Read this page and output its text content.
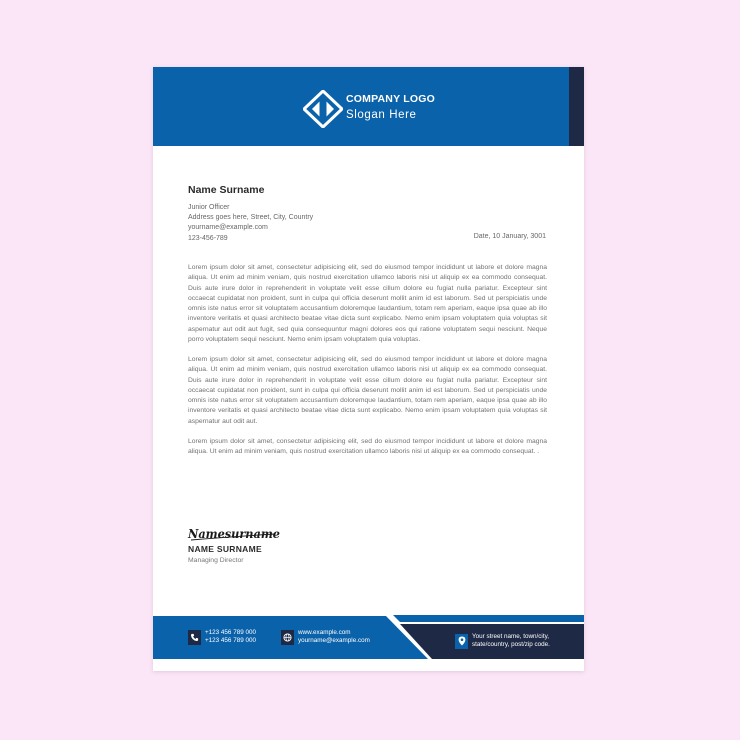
COMPANY LOGO
Slogan Here
Name Surname
Junior Officer
Address goes here, Street, City, Country
yourname@example.com
123-456-789	Date, 10 January, 3001

Lorem ipsum dolor sit amet, consectetur adipisicing elit, sed do eiusmod tempor incididunt ut labore et dolore magna aliqua. Ut enim ad minim veniam, quis nostrud exercitation ullamco laboris nisi ut aliquip ex ea commodo consequat. Duis aute irure dolor in reprehenderit in voluptate velit esse cillum dolore eu fugiat nulla pariatur. Excepteur sint occaecat cupidatat non proident, sunt in culpa qui officia deserunt mollit anim id est laborum. Sed ut perspiciatis unde omnis iste natus error sit voluptatem accusantium doloremque laudantium, totam rem aperiam, eaque ipsa quae ab illo inventore veritatis et quasi architecto beatae vitae dicta sunt explicabo. Nemo enim ipsam voluptatem quia voluptas sit aspernatur aut odit aut fugit, sed quia consequuntur magni dolores eos qui ratione voluptatem sequi nesciunt. Neque porro voluptatem sequi nesciunt. Nemo enim ipsam voluptatem quia voluptas.

Lorem ipsum dolor sit amet, consectetur adipisicing elit, sed do eiusmod tempor incididunt ut labore et dolore magna aliqua. Ut enim ad minim veniam, quis nostrud exercitation ullamco laboris nisi ut aliquip ex ea commodo consequat. Duis aute irure dolor in reprehenderit in voluptate velit esse cillum dolore eu fugiat nulla pariatur. Excepteur sint occaecat cupidatat non proident, sunt in culpa qui officia deserunt mollit anim id est laborum. Sed ut perspiciatis unde omnis iste natus error sit voluptatem accusantium doloremque laudantium, totam rem aperiam, eaque ipsa quae ab illo inventore veritatis et quasi architecto beatae vitae dicta sunt explicabo. Nemo enim ipsam voluptatem quia voluptas sit aspernatur aut odit aut.

Lorem ipsum dolor sit amet, consectetur adipisicing elit, sed do eiusmod tempor incididunt ut labore et dolore magna aliqua. Ut enim ad minim veniam, quis nostrud exercitation ullamco laboris nisi ut aliquip ex ea commodo consequat. .

Namesurname
NAME SURNAME
Managing Director
+123 456 789 000
+123 456 789 000
www.example.com
yourname@example.com
Your street name, town/city,
state/country, post/zip code.
